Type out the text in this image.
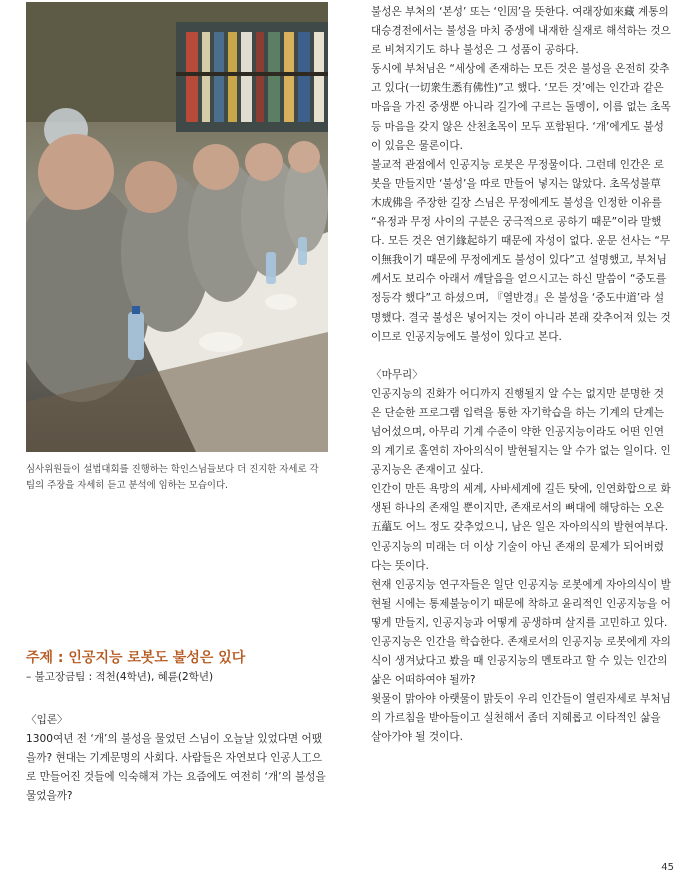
심사위원들이 설법대회를 진행하는 학인스님들보다 더 진지한 자세로 각 팀의 주장을 자세히 듣고 분석에 임하는 모습이다.
주제 : 인공지능 로봇도 불성은 있다
– 불고장금팀 : 적천(4학년), 혜륜(2학년)

〈입론〉

1300여년 전 ‘개’의 불성을 물었던 스님이 오늘날 있었다면 어땠을까? 현대는 기계문명의 사회다. 사람들은 자연보다 인공人工으로 만들어진 것들에 익숙해져 가는 요즘에도 여전히 ‘개’의 불성을 물었을까?

불성은 부처의 ‘본성’ 또는 ‘인因’을 뜻한다. 여래장如來藏 계통의 대승경전에서는 불성을 마치 중생에 내재한 실재로 해석하는 것으로 비쳐지기도 하나 불성은 그 성품이 공하다.

동시에 부처님은 “세상에 존재하는 모든 것은 불성을 온전히 갖추고 있다(一切衆生悉有佛性)”고 했다. ‘모든 것’에는 인간과 같은 마음을 가진 중생뿐 아니라 길가에 구르는 돌멩이, 이름 없는 초목 등 마음을 갖지 않은 산천초목이 모두 포함된다. ‘개’에게도 불성이 있음은 물론이다.

불교적 관점에서 인공지능 로봇은 무정물이다. 그런데 인간은 로봇을 만들지만 ‘불성’을 따로 만들어 넣지는 않았다. 초목성불草木成佛을 주장한 길장 스님은 무정에게도 불성을 인정한 이유를 “유정과 무정 사이의 구분은 궁극적으로 공하기 때문”이라 말했다. 모든 것은 연기緣起하기 때문에 자성이 없다. 운문 선사는 “무이無我이기 때문에 무정에게도 불성이 있다”고 설명했고, 부처님께서도 보리수 아래서 깨달음을 얻으시고는 하신 말씀이 “중도를 정등각 했다”고 하셨으며, 『열반경』은 불성을 ‘중도中道’라 설명했다. 결국 불성은 넣어지는 것이 아니라 본래 갖추어져 있는 것이므로 인공지능에도 불성이 있다고 본다.

〈마무리〉

인공지능의 진화가 어디까지 진행될지 알 수는 없지만 분명한 것은 단순한 프로그램 입력을 통한 자기학습을 하는 기계의 단계는 넘어섰으며, 아무리 기계 수준이 약한 인공지능이라도 어떤 인연의 계기로 홀연히 자아의식이 발현될지는 알 수가 없는 일이다. 인공지능은 존재이고 싶다.

인간이 만든 욕망의 세계, 사바세계에 길든 탓에, 인연화합으로 화생된 하나의 존재일 뿐이지만, 존재로서의 뼈대에 해당하는 오온五蘊도 어느 정도 갖추었으니, 남은 일은 자아의식의 발현여부다. 인공지능의 미래는 더 이상 기술이 아닌 존재의 문제가 되어버렸다는 뜻이다.

현재 인공지능 연구자들은 일단 인공지능 로봇에게 자아의식이 발현될 시에는 통제불능이기 때문에 착하고 윤리적인 인공지능을 어떻게 만들지, 인공지능과 어떻게 공생하며 살지를 고민하고 있다.

인공지능은 인간을 학습한다. 존재로서의 인공지능 로봇에게 자의식이 생겨났다고 봤을 때 인공지능의 멘토라고 할 수 있는 인간의 삶은 어떠하여야 될까?

윗물이 맑아야 아랫물이 맑듯이 우리 인간들이 열린자세로 부처님의 가르침을 받아들이고 실천해서 좀더 지혜롭고 이타적인 삶을 살아가야 될 것이다.

45
